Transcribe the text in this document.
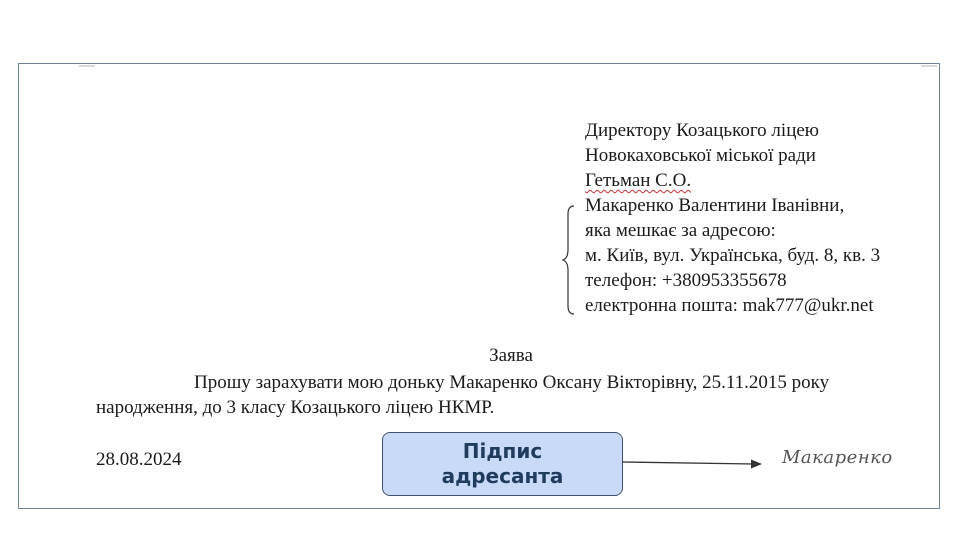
Директору Козацького ліцею
Новокаховської міської ради
Гетьман С.О.
Макаренко Валентини Іванівни,
яка мешкає за адресою:
м. Київ, вул. Українська, буд. 8, кв. 3
телефон: +380953355678
електронна пошта: mak777@ukr.net
Заява
Прошу зарахувати мою доньку Макаренко Оксану Вікторівну, 25.11.2015 року
народження, до 3 класу Козацького ліцею НКМР.
28.08.2024	Підпис
адресанта
Макаренко
